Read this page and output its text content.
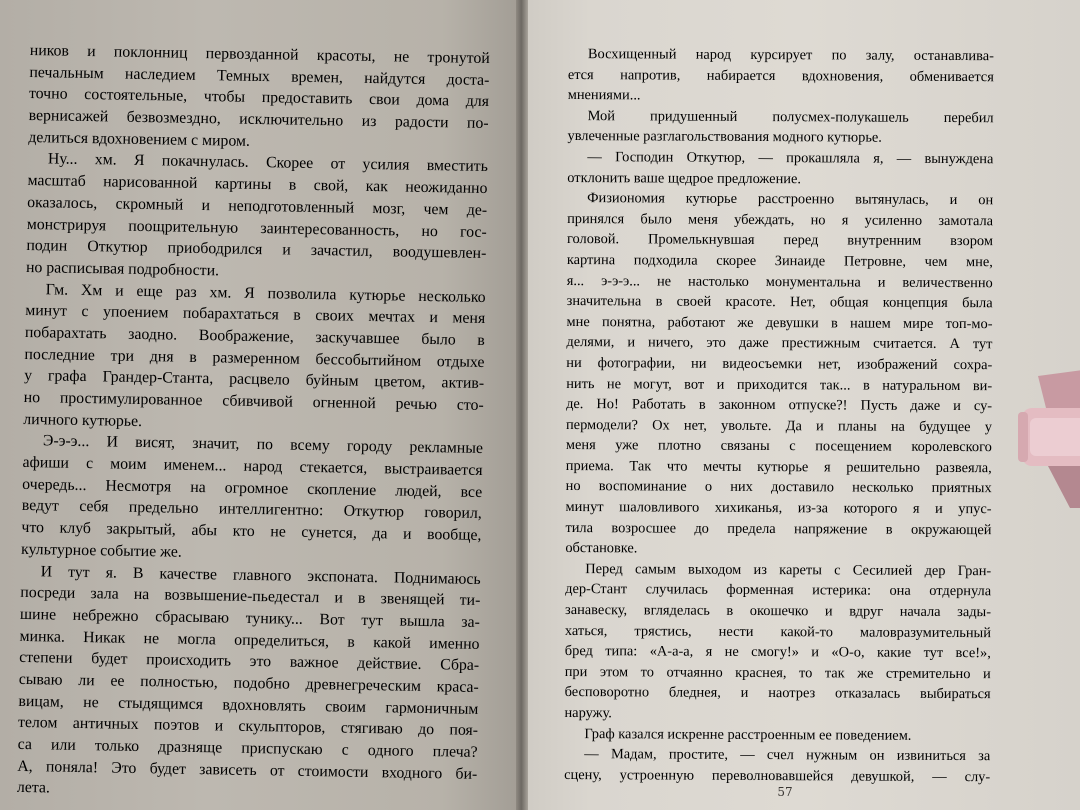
ников и поклонниц первозданной красоты, не тронутой
печальным наследием Темных времен, найдутся доста-
точно состоятельные, чтобы предоставить свои дома для
вернисажей безвозмездно, исключительно из радости по-
делиться вдохновением с миром.
Ну... хм. Я покачнулась. Скорее от усилия вместить
масштаб нарисованной картины в свой, как неожиданно
оказалось, скромный и неподготовленный мозг, чем де-
монстрируя поощрительную заинтересованность, но гос-
подин Откутюр приободрился и зачастил, воодушевлен-
но расписывая подробности.
Гм. Хм и еще раз хм. Я позволила кутюрье несколько
минут с упоением побарахтаться в своих мечтах и меня
побарахтать заодно. Воображение, заскучавшее было в
последние три дня в размеренном бессобытийном отдыхе
у графа Грандер-Станта, расцвело буйным цветом, актив-
но простимулированное сбивчивой огненной речью сто-
личного кутюрье.
Э-э-э... И висят, значит, по всему городу рекламные
афиши с моим именем... народ стекается, выстраивается
очередь... Несмотря на огромное скопление людей, все
ведут себя предельно интеллигентно: Откутюр говорил,
что клуб закрытый, абы кто не сунется, да и вообще,
культурное событие же.
И тут я. В качестве главного экспоната. Поднимаюсь
посреди зала на возвышение-пьедестал и в звенящей ти-
шине небрежно сбрасываю тунику... Вот тут вышла за-
минка. Никак не могла определиться, в какой именно
степени будет происходить это важное действие. Сбра-
сываю ли ее полностью, подобно древнегреческим краса-
вицам, не стыдящимся вдохновлять своим гармоничным
телом античных поэтов и скульпторов, стягиваю до поя-
са или только дразняще приспускаю с одного плеча?
А, поняла! Это будет зависеть от стоимости входного би-
лета.
Восхищенный народ курсирует по залу, останавлива-
ется напротив, набирается вдохновения, обменивается
мнениями...
Мой придушенный полусмех-полукашель перебил
увлеченные разглагольствования модного кутюрье.
— Господин Откутюр, — прокашляла я, — вынуждена
отклонить ваше щедрое предложение.
Физиономия кутюрье расстроенно вытянулась, и он
принялся было меня убеждать, но я усиленно замотала
головой. Промелькнувшая перед внутренним взором
картина подходила скорее Зинаиде Петровне, чем мне,
я... э-э-э... не настолько монументальна и величественно
значительна в своей красоте. Нет, общая концепция была
мне понятна, работают же девушки в нашем мире топ-мо-
делями, и ничего, это даже престижным считается. А тут
ни фотографии, ни видеосъемки нет, изображений сохра-
нить не могут, вот и приходится так... в натуральном ви-
де. Но! Работать в законном отпуске?! Пусть даже и су-
пермодели? Ох нет, увольте. Да и планы на будущее у
меня уже плотно связаны с посещением королевского
приема. Так что мечты кутюрье я решительно развеяла,
но воспоминание о них доставило несколько приятных
минут шаловливого хихиканья, из-за которого я и упус-
тила возросшее до предела напряжение в окружающей
обстановке.
Перед самым выходом из кареты с Сесилией дер Гран-
дер-Стант случилась форменная истерика: она отдернула
занавеску, вгляделась в окошечко и вдруг начала зады-
хаться, трястись, нести какой-то маловразумительный
бред типа: «А-а-а, я не смогу!» и «О-о, какие тут все!»,
при этом то отчаянно краснея, то так же стремительно и
бесповоротно бледнея, и наотрез отказалась выбираться
наружу.
Граф казался искренне расстроенным ее поведением.
— Мадам, простите, — счел нужным он извиниться за
сцену, устроенную переволновавшейся девушкой, — слу-
57
